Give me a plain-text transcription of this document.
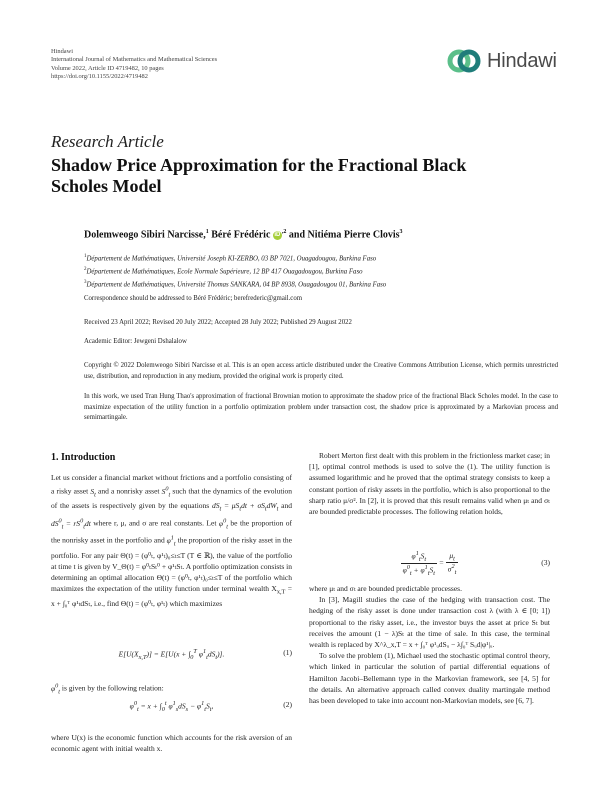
Hindawi
International Journal of Mathematics and Mathematical Sciences
Volume 2022, Article ID 4719482, 10 pages
https://doi.org/10.1155/2022/4719482
Hindawi
Research Article
Shadow Price Approximation for the Fractional Black Scholes Model
Dolemweogo Sibiri Narcisse,$^1$ Béré Frédéric $iD^{,2}$ and Nitiéma Pierre Clovis$^3$
$^1$Département de Mathématiques, Université Joseph KI-ZERBO, 03 BP 7021, Ouagadougou, Burkina Faso
$^2$Département de Mathématiques, Ecole Normale Supérieure, 12 BP 417 Ouagadougou, Burkina Faso
$^3$Département de Mathématiques, Université Thomas SANKARA, 04 BP 8938, Ouagadougou 01, Burkina Faso
Correspondence should be addressed to Béré Frédéric; berefrederic@gmail.com
Received 23 April 2022; Revised 20 July 2022; Accepted 28 July 2022; Published 29 August 2022
Academic Editor: Jewgeni Dshalalow
Copyright © 2022 Dolemweogo Sibiri Narcisse et al. This is an open access article distributed under the Creative Commons Attribution License, which permits unrestricted use, distribution, and reproduction in any medium, provided the original work is properly cited.
In this work, we used Tran Hung Thao's approximation of fractional Brownian motion to approximate the shadow price of the fractional Black Scholes model. In the case to maximize expectation of the utility function in a portfolio optimization problem under transaction cost, the shadow price is approximated by a Markovian process and semimartingale.
1. Introduction

Let us consider a financial market without frictions and a portfolio consisting of a risky asset $S_t$ and a nonrisky asset $S^0_t$ such that the dynamics of the evolution of the assets is respectively given by the equations $dS_t = \mu S_tdt + \sigma S_tdW_t$ and $dS^0_t = rS^0_tdt$ where r, μ, and σ are real constants. Let $\varphi^0_t$ be the proportion of the nonrisky asset in the portfolio and $\varphi^1_t$ the proportion of the risky asset in the portfolio. For any pair Θ(t) = (φ⁰ₜ, φ¹ₜ)₀≤ₜ≤T (T ∈ ℝ), the value of the portfolio at time t is given by V_Θ(t) = φ⁰ₜSₜ⁰ + φ¹ₜSₜ. A portfolio optimization consists in determining an optimal allocation Θ(t) = (φ⁰ₜ, φ¹ₜ)₀≤ₜ≤T of the portfolio which maximizes the expectation of the utility function under terminal wealth $X_{x,T} = x$ + ∫₀ᵀ φ¹ₜdSₜ, i.e., find Θ(t) = (φ⁰ₜ, φ¹ₜ) which maximizes

$E[U(X_{x,T})] = E[U(x + \int_0^T$ $\varphi^1_tdS_t$)].	(1)

$\varphi^0_t$ is given by the following relation:

$\varphi^0_t = x + \int_0^t$ $\varphi^1_sdS_s - \varphi^1_tS_t$,	(2)

where U(x) is the economic function which accounts for the risk aversion of an economic agent with initial wealth x.

Robert Merton first dealt with this problem in the frictionless market case; in [1], optimal control methods is used to solve the (1). The utility function is assumed logarithmic and he proved that the optimal strategy consists to keep a constant portion of risky assets in the portfolio, which is also proportional to the sharp ratio μ/σ². In [2], it is proved that this result remains valid when μₜ and σₜ are bounded predictable processes. The following relation holds,

$\frac{\varphi^1_tS_t}{\varphi^0_t + \varphi^1_tS_t} = \frac{\mu_t}{\sigma^2_t}$	(3)

where μₜ and σₜ are bounded predictable processes.

In [3], Magill studies the case of the hedging with transaction cost. The hedging of the risky asset is done under transaction cost λ (with λ ∈ [0; 1]) proportional to the risky asset, i.e., the investor buys the asset at price Sₜ but receives the amount (1 − λ)Sₜ at the time of sale. In this case, the terminal wealth is replaced by X^λ_x,T = x + ∫₀ᵀ φ¹ᵤdSᵤ − λ∫₀ᵀ Sᵤd|φ¹|ᵤ.

To solve the problem (1), Michael used the stochastic optimal control theory, which linked in particular the solution of partial differential equations of Hamilton Jacobi–Bellemann type in the Markovian framework, see [4, 5] for the details. An alternative approach called convex duality martingale method has been developed to take into account non-Markovian models, see [6, 7].
